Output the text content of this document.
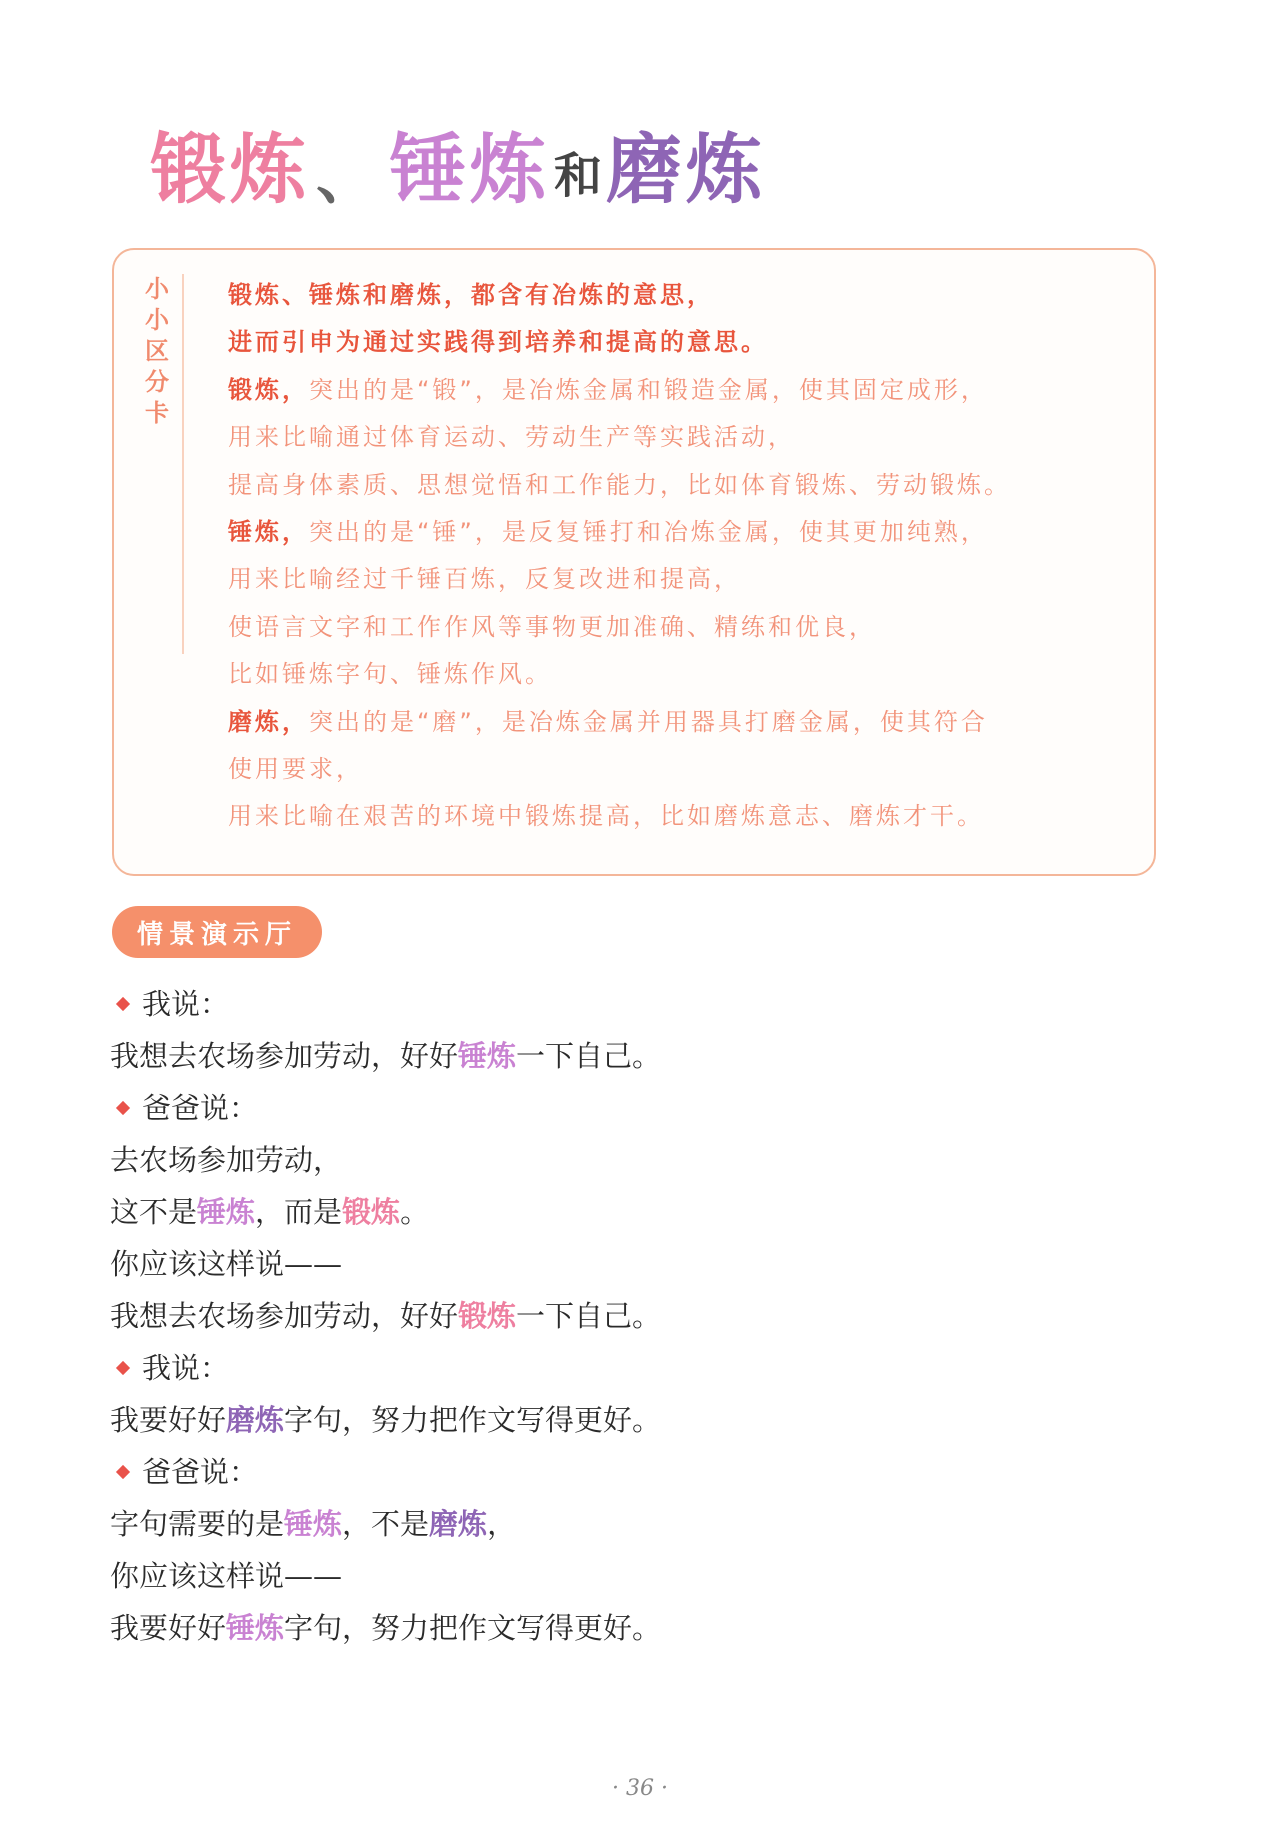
锻炼 、 锤炼 和 磨炼
小
小
区
分
卡
锻炼、锤炼和磨炼，都含有冶炼的意思，
进而引申为通过实践得到培养和提高的意思。
锻炼，突出的是“锻”，是冶炼金属和锻造金属，使其固定成形，
用来比喻通过体育运动、劳动生产等实践活动，
提高身体素质、思想觉悟和工作能力，比如体育锻炼、劳动锻炼。
锤炼，突出的是“锤”，是反复锤打和冶炼金属，使其更加纯熟，
用来比喻经过千锤百炼，反复改进和提高，
使语言文字和工作作风等事物更加准确、精练和优良，
比如锤炼字句、锤炼作风。
磨炼，突出的是“磨”，是冶炼金属并用器具打磨金属，使其符合
使用要求，
用来比喻在艰苦的环境中锻炼提高，比如磨炼意志、磨炼才干。
情景演示厅
我说：
我想去农场参加劳动，好好锤炼一下自己。
爸爸说：
去农场参加劳动，
这不是锤炼，而是锻炼。
你应该这样说——
我想去农场参加劳动，好好锻炼一下自己。
我说：
我要好好磨炼字句，努力把作文写得更好。
爸爸说：
字句需要的是锤炼，不是磨炼，
你应该这样说——
我要好好锤炼字句，努力把作文写得更好。
· 36 ·
